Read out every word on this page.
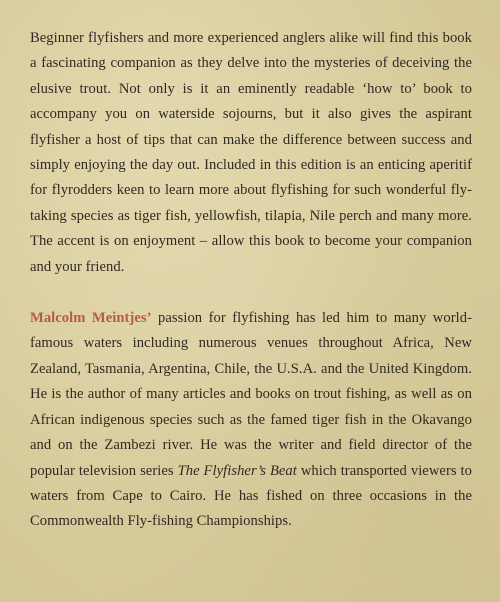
Beginner flyfishers and more experienced anglers alike will find this book a fascinating companion as they delve into the mysteries of deceiving the elusive trout. Not only is it an eminently readable ‘how to’ book to accompany you on waterside sojourns, but it also gives the aspirant flyfisher a host of tips that can make the difference between success and simply enjoying the day out. Included in this edition is an enticing aperitif for flyrodders keen to learn more about flyfishing for such wonderful fly-taking species as tiger fish, yellowfish, tilapia, Nile perch and many more. The accent is on enjoyment – allow this book to become your companion and your friend.

Malcolm Meintjes’ passion for flyfishing has led him to many world-famous waters including numerous venues throughout Africa, New Zealand, Tasmania, Argentina, Chile, the U.S.A. and the United Kingdom. He is the author of many articles and books on trout fishing, as well as on African indigenous species such as the famed tiger fish in the Okavango and on the Zambezi river. He was the writer and field director of the popular television series The Flyfisher’s Beat which transported viewers to waters from Cape to Cairo. He has fished on three occasions in the Commonwealth Fly-fishing Championships.
